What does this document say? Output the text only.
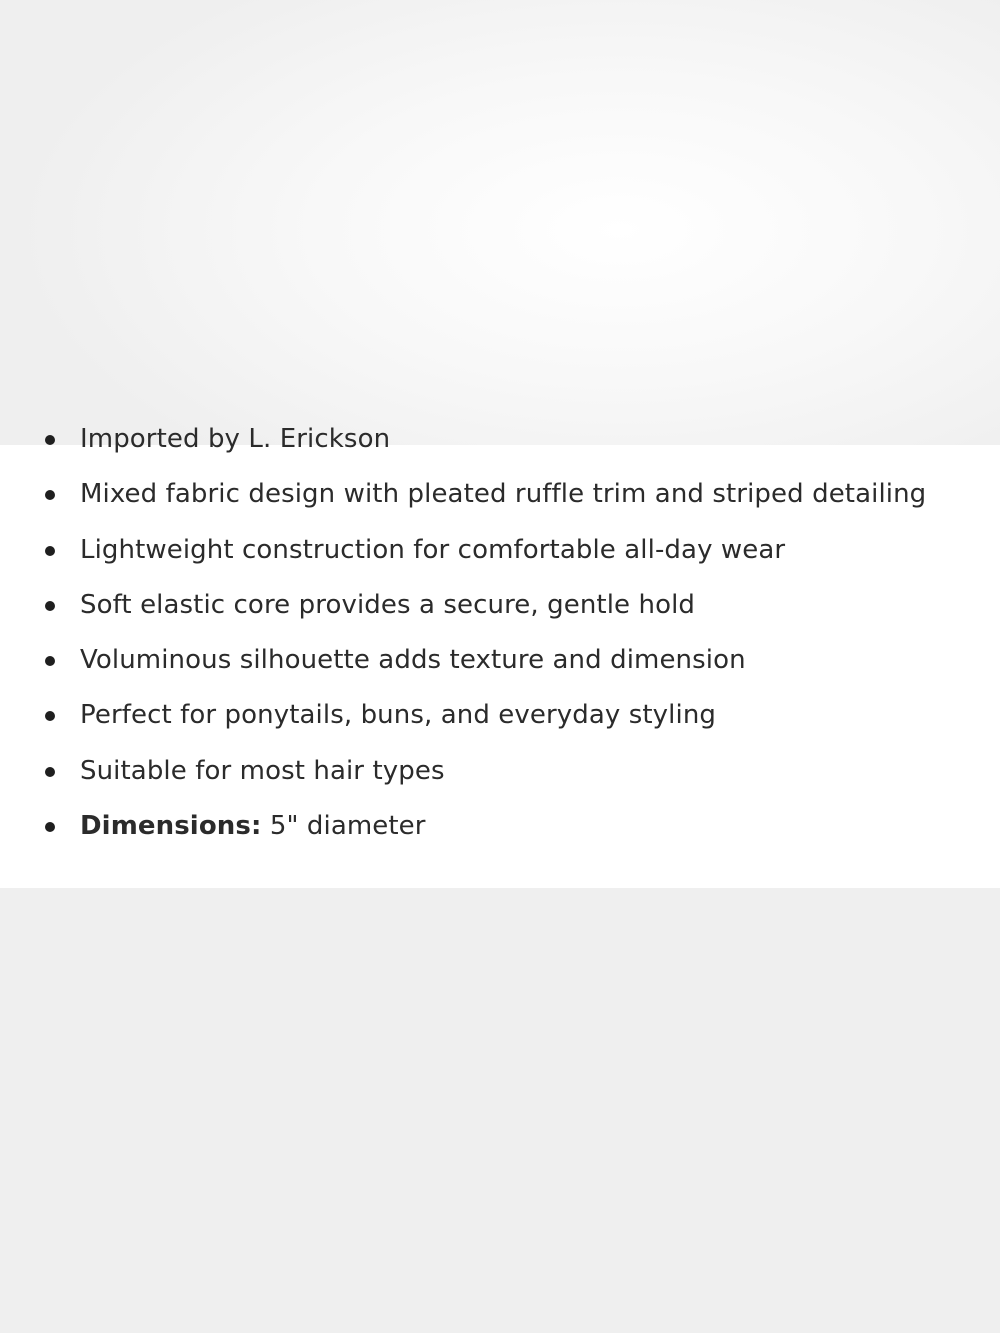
Imported by L. Erickson
Mixed fabric design with pleated ruffle trim and striped detailing
Lightweight construction for comfortable all-day wear
Soft elastic core provides a secure, gentle hold
Voluminous silhouette adds texture and dimension
Perfect for ponytails, buns, and everyday styling
Suitable for most hair types
Dimensions: 5" diameter
